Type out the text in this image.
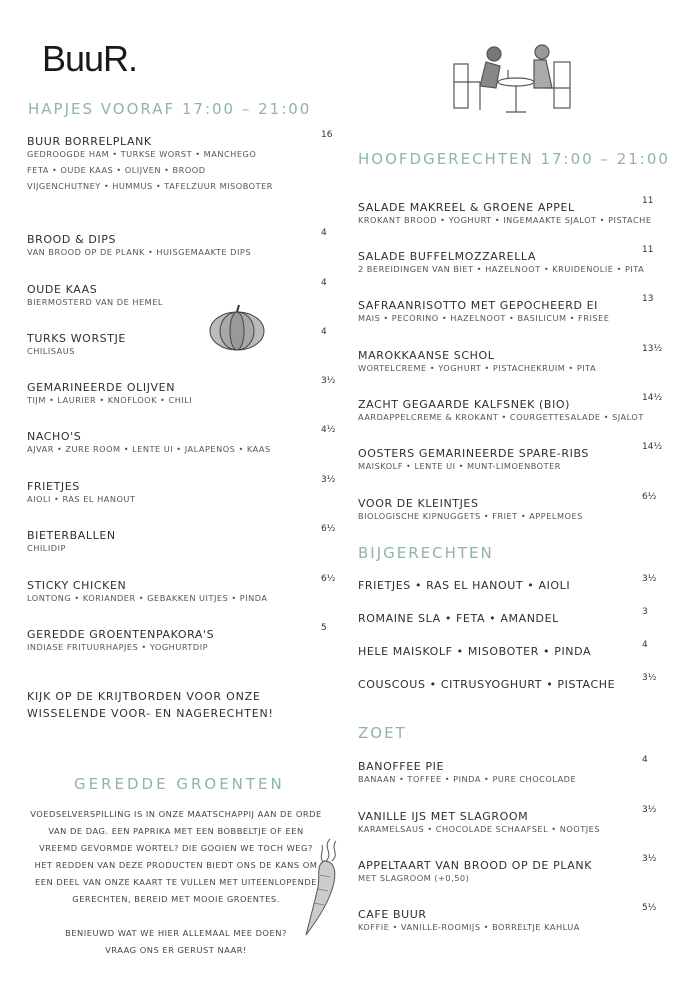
BuuR.
HAPJES VOORAF 17:00 – 21:00
BUUR BORRELPLANK	16
GEDROOGDE HAM • TURKSE WORST • MANCHEGO FETA • OUDE KAAS • OLIJVEN • BROOD VIJGENCHUTNEY • HUMMUS • TAFELZUUR MISOBOTER
BROOD & DIPS	4
VAN BROOD OP DE PLANK • HUISGEMAAKTE DIPS
OUDE KAAS	4
BIERMOSTERD VAN DE HEMEL
TURKS WORSTJE	4
CHILISAUS
GEMARINEERDE OLIJVEN	3½
TIJM • LAURIER • KNOFLOOK • CHILI
NACHO'S	4½
AJVAR • ZURE ROOM • LENTE UI • JALAPENOS • KAAS
FRIETJES	3½
AIOLI • RAS EL HANOUT
BIETERBALLEN	6½
CHILIDIP
STICKY CHICKEN	6½
LONTONG • KORIANDER • GEBAKKEN UITJES • PINDA
GEREDDE GROENTENPAKORA'S	5
INDIASE FRITUURHAPJES • YOGHURTDIP
KIJK OP DE KRIJTBORDEN VOOR ONZE
WISSELENDE VOOR- EN NAGERECHTEN!
GEREDDE GROENTEN
VOEDSELVERSPILLING IS IN ONZE MAATSCHAPPIJ AAN DE ORDE
VAN DE DAG. EEN PAPRIKA MET EEN BOBBELTJE OF EEN
VREEMD GEVORMDE WORTEL? DIE GOOIEN WE TOCH WEG?
HET REDDEN VAN DEZE PRODUCTEN BIEDT ONS DE KANS OM
EEN DEEL VAN ONZE KAART TE VULLEN MET UITEENLOPENDE
GERECHTEN, BEREID MET MOOIE GROENTES.
BENIEUWD WAT WE HIER ALLEMAAL MEE DOEN?
VRAAG ONS ER GERUST NAAR!
HOOFDGERECHTEN 17:00 – 21:00
SALADE MAKREEL & GROENE APPEL	11
KROKANT BROOD • YOGHURT • INGEMAAKTE SJALOT • PISTACHE
SALADE BUFFELMOZZARELLA	11
2 BEREIDINGEN VAN BIET • HAZELNOOT • KRUIDENOLIE • PITA
SAFRAANRISOTTO MET GEPOCHEERD EI	13
MAIS • PECORINO • HAZELNOOT • BASILICUM • FRISEE
MAROKKAANSE SCHOL	13½
WORTELCREME • YOGHURT • PISTACHEKRUIM • PITA
ZACHT GEGAARDE KALFSNEK (BIO)	14½
AARDAPPELCREME & KROKANT • COURGETTESALADE • SJALOT
OOSTERS GEMARINEERDE SPARE-RIBS	14½
MAISKOLF • LENTE UI • MUNT-LIMOENBOTER
VOOR DE KLEINTJES	6½
BIOLOGISCHE KIPNUGGETS • FRIET • APPELMOES
BIJGERECHTEN
FRIETJES • RAS EL HANOUT • AIOLI	3½
ROMAINE SLA • FETA • AMANDEL	3
HELE MAISKOLF • MISOBOTER • PINDA	4
COUSCOUS • CITRUSYOGHURT • PISTACHE	3½
ZOET
BANOFFEE PIE	4
BANAAN • TOFFEE • PINDA • PURE CHOCOLADE
VANILLE IJS MET SLAGROOM	3½
KARAMELSAUS • CHOCOLADE SCHAAFSEL • NOOTJES
APPELTAART VAN BROOD OP DE PLANK	3½
MET SLAGROOM (+0,50)
CAFE BUUR	5½
KOFFIE • VANILLE-ROOMIJS • BORRELTJE KAHLUA
